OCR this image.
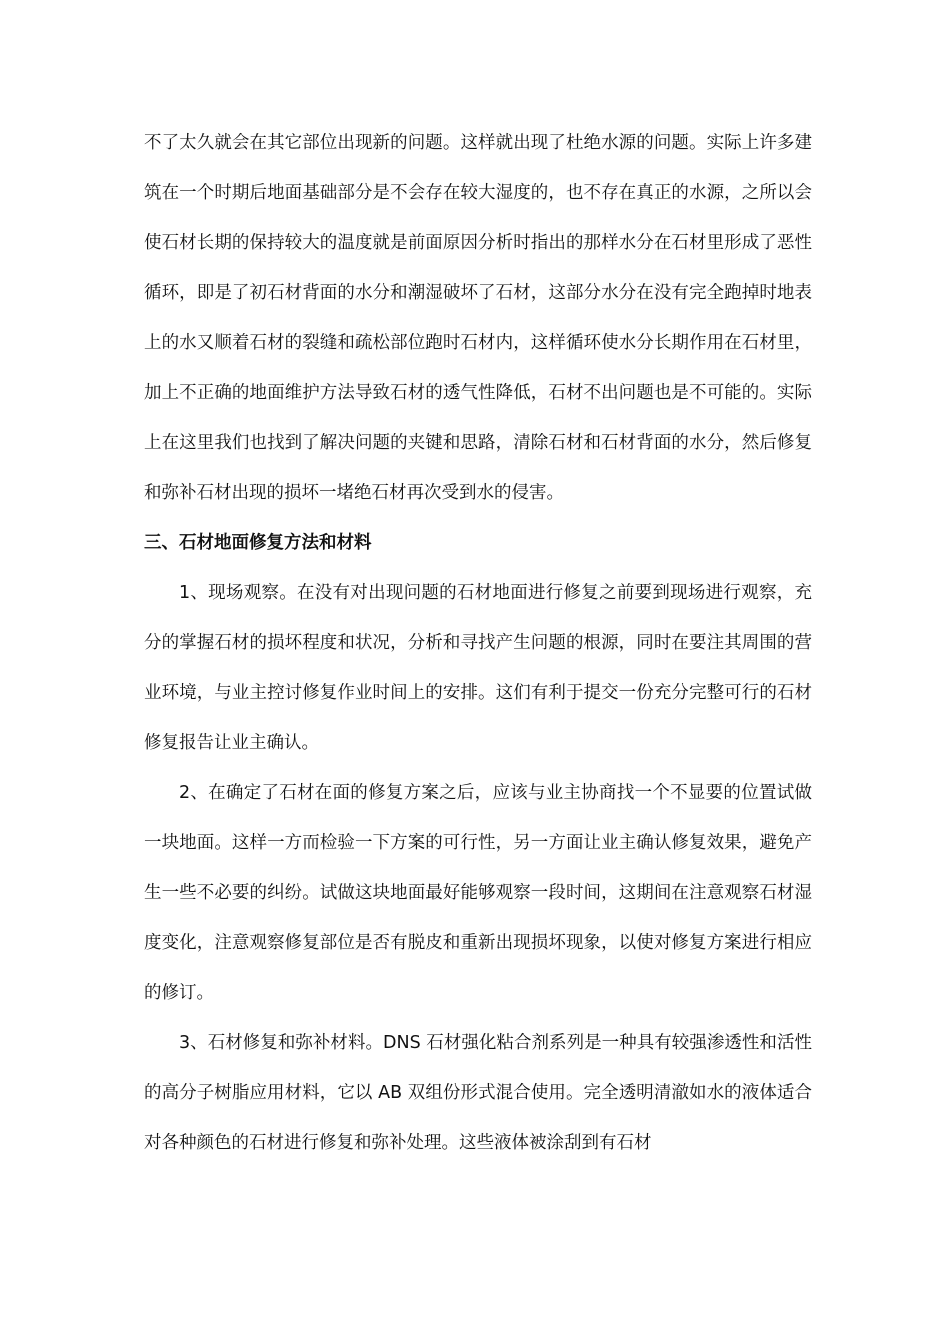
不了太久就会在其它部位出现新的问题。这样就出现了杜绝水源的问题。实际上许多建筑在一个时期后地面基础部分是不会存在较大湿度的，也不存在真正的水源，之所以会使石材长期的保持较大的温度就是前面原因分析时指出的那样水分在石材里形成了恶性循环，即是了初石材背面的水分和潮湿破坏了石材，这部分水分在没有完全跑掉时地表上的水又顺着石材的裂缝和疏松部位跑时石材内，这样循环使水分长期作用在石材里，加上不正确的地面维护方法导致石材的透气性降低，石材不出问题也是不可能的。实际上在这里我们也找到了解决问题的夹键和思路，清除石材和石材背面的水分，然后修复和弥补石材出现的损坏一堵绝石材再次受到水的侵害。

三、石材地面修复方法和材料

1、现场观察。在没有对出现问题的石材地面进行修复之前要到现场进行观察，充分的掌握石材的损坏程度和状况，分析和寻找产生问题的根源，同时在要注其周围的营业环境，与业主控讨修复作业时间上的安排。这们有利于提交一份充分完整可行的石材修复报告让业主确认。

2、在确定了石材在面的修复方案之后，应该与业主协商找一个不显要的位置试做一块地面。这样一方而检验一下方案的可行性，另一方面让业主确认修复效果，避免产生一些不必要的纠纷。试做这块地面最好能够观察一段时间，这期间在注意观察石材湿度变化，注意观察修复部位是否有脱皮和重新出现损坏现象，以使对修复方案进行相应的修订。

3、石材修复和弥补材料。DNS 石材强化粘合剂系列是一种具有较强渗透性和活性的高分子树脂应用材料，它以 AB 双组份形式混合使用。完全透明清澈如水的液体适合对各种颜色的石材进行修复和弥补处理。这些液体被涂刮到有石材
